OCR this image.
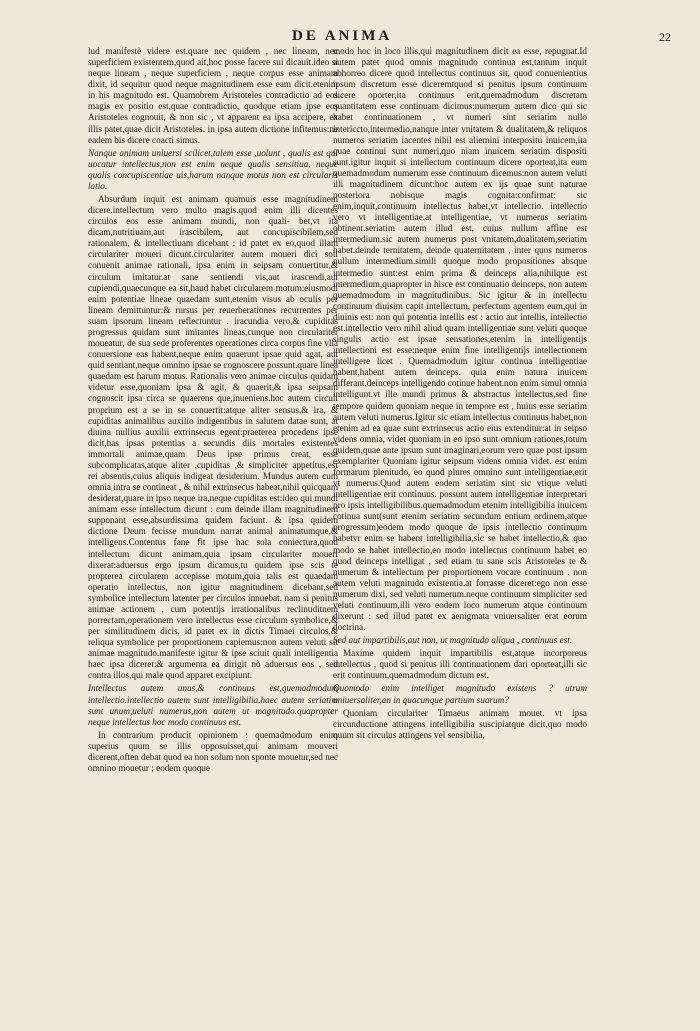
DE ANIMA	22

lud manifestè videre est.quare nec quidem , nec lineam, nec superficiem existentem,quod ait,hoc posse facere sui dicauit.ideo si neque lineam , neque superficiem , neque corpus esse animam dixit, id sequitur quod neque magnitudinem esse eam dicit.etenim in his magnitudo est. Quamobrem Aristoteles contradictio ad eos magis ex positio est,quae contradictio, quodque etiam ipse eos Aristoteles cognouit, & non sic , vt apparent ea ipsa accipere, ex illis patet,quae dicit Aristoteles. in ipsa autem dictione infitemus:ne eadem bis dicere coacti simus.

Nanque animam uniuersi scilicet,talem esse ,uolunt , qualis est qui uocatur intellectus,non est enim neque qualis sensitiua, neque qualis concupiscentiae uis,harum nanque motus non est circularis latio.

Absurdum inquit est animam quamuis esse magnitudinem dicere.intellectum vero multo magis.quod enim illi dicentes circulos eos esse animam mundi, non quali- bet,vt ita dicam,nutritiuam,aut irascibilem, aut concupiscibilem,sed rationalem, & intellectiuam dicebant : id patet ex eo,quod illam circulariter moueri dicunt.circulariter autem moueri dici soli conuenit animae rationali, ipsa enim in seipsam conuertitur,& circulum imitatur.at sane sentiendi vis,aut irascendi,aut cupiendi,quaecunque ea sit,haud habet circularem motum:eiusmodi enim potentiae lineae quaedam sunt,etenim visus ab oculis per lineam demittuntur:& rursus per reuerberationes recurrentes per suam ipsorum lineam reflectuntur . iracundia vero,& cupiditas progressus quidam sunt imitantes lineas,cunque non circulariter moueatur, de sua sede proferentes operationes circa corpus fine vlla conuersione eas habent,neque enim quaerunt ipsae quid agat, aut quid sentiant,neque omnino ipsae se cognoscere possunt.quare linea quaedam est harum motus. Rationalis vero animae circulus quidam videtur esse,quoniam ipsa & agit, & quaerit,& ipsa seipsam cognoscit ipsa circa se quaerens que,inueniens.hoc autem circuli proprium est a se in se conuertit:atque aliter sensus,& ira, & cupiditas animalibus auxilio indigentibus in salutem datae sunt, at diuina nullius auxilii extrinsecus egent:praeterea procedens ipse dicit,has ipsas potentias a secundis diis mortales existentes immortali animae,quam Deus ipse primus creat, esse subcomplicatas,atque aliter ,cupiditas ,& simpliciter appetitus,est rei absentis,cuius aliquis indigeat desiderium. Mundus autem cum omnia intra se contineat , & nihil extrinsecus habeat,nihil quicquam desiderat,quare in ipso neque ira,neque cupiditas est:ideo qui mundi animam esse intellectum dicunt : cum deinde illam magnitudinem supponant esse,absurdissima quidem faciunt. & ipsa quidem dictione Deum fecisse mundum narrat animal animatumque,& intelligens.Contentus fane fit ipse hac sola coniectura,quod intellectum dicunt animam,quia ipsam circulariter moueri dixerat:aduersus ergo ipsum dicamus,tu quidem ipse scis te propterea circularem accepisse motum,quia talis est quaedam operatio intellectus, non igitur magnitudinem dicebant,sed symbolice intellectum latenter per circulos innuebat. nam si penitus animae actionem , cum potentijs irrationalibus reclinuditnem porrectam,operationem vero intellectus esse circulum symbolice,& per similitudinem dicis, id patet ex in dictis Timaei circulos,& reliqua symbolice per proportionem capiemus:non autem veluti sit animae magnitudo.manifeste igitur & ipse sciuit quali intelligentia haec ipsa diceret:& argumenta ea dirigit nò aduersus eos , sed contra illos,qui male quod apparet excipiunt.

Intellectus autem unus,& continuus est,quemadmodum intellectio.intellectio autem sunt intelligibilia.haec autem seriatim sunt unum,ueluti numerus,non autem ut magnitudo.quapropter neque intellectus hoc modo continuus est.

In contrarium producit opinionem : quemadmodum enim superius quum se illis opposuisset,qui animam mouveri dicerent,often debat quod ea non solum non sponte mouetur,sed nec omnino mouetur ; eodem quoque

modo hoc in loco illis,qui magnitudinem dicit ea esse, repugnat.Id autem patet quod omnis magnitudo continua est,tantum inquit abhorreo dicere quod intellectus continuus sit, quod conuenientius ipsum discretum esse diceremtquod si penitus ipsum continuum dicere oporter,ita continuus erit,quemadmodum discretam quantitatem esse continuam dicimus:numerum autem dico qui sic habet continuationem , vt numeri sint seriatim nullo intericcto,intermedio,nanque inter vnitatem & dualitatem,& reliquos numeros seriatim iacentes nihil est aliemini interpositu inuicem,ita quae continui sunt numeri,quo niam inuicem seriatim dispositi sunt.igitur inquit si intellectum continuum dicere oporteat,ita eum quemadmodum numerum esse continuum dicemus:non autem veluti illi magnitudinem dicunt:hoc autem ex ijs quae sunt naturae posteriora nobisque magis cognita:confirmat: sic enim,inquit,continuum intellectus habet,vt intellectio. intellectio vero vt intelligentiae.at intelligentiae, vt numerus seriatim obtinent.seriatim autem illud est, cuius nullum affine est intermedium.sic autem numerus post vnitatem,dualitatem,seriatim habet.deinde ternitatem, deinde quaternitatem , inter quos numeros nullum intermedium.simili quoque modo propositiones absque intermedio sunt:est enim prima & deinceps alia,nihilque est intermedium,quapropter in hisce est continuatio deinceps, non autem quemadmodum in magnitudinibus. Sic igitur & in intellectu continuum diuisim capit intellectum, perfectum agentem eum,qui in diuinis est: non qui potentia intellis est : actio aut intellis, intellectio est.intellectio vero nihil aliud quam intelligentiae sunt veluti quoque singulis actio est ipsae sensationes,etenim in intelligentijs intellectioni est esse:neque enim fine intelligentijs intellectionem intelligere licet . Quemadmodum igitur continua intelligentiae habent,habent autem deinceps. quia enim natura inuicem differant,deinceps intelligendo cotinue habent.non enim simul omnia intelligunt.vt ille mundi primus & abstractus intellectus,sed fine tempore quidem quoniam neque in tempore est , huius esse seriatim autem veluti numerus.Igitur sic etiam intellectus continuus habet,non etenim ad ea quae sunt extrinsecus actio eius extenditur:at in seipso videns omnia, videt quoniam in eo ipso sunt omnium rationes,totum quidem,quae ante ipsum sunt imaginari,eorum vero quae post ipsum exemplariter Quoniam igitur seipsum videns omnia videt. est enim formarum plenitudo, eo quod plures omnino sunt intelligentiae,erit vt numerus.Quod autem eodem seriatim sint sic vtique veluti intelligentiae erit continuus. possunt autem intelligentiae interpretari pro ipsis intelligibilibus.quemadmodum etenim intelligibilia inuicem cotinua sunt(sunt etenim seriatim secundum entium ordinem,atque progressum)eodem modo quoque de ipsis intellectio continuum habetvr enim se habent intelligibilia,sic se habet intellectio,& quo modo se habet intellectio,eo modo intellectus continuum habet eo quod deinceps intelligat , sed etiam tu sane scis Aristoteles te & numerum & intellectum per proportionem vocare continuum . non autem veluti magnitudo existentia.at forrasse diceret:ego non esse numerum dixi, sed veluti numerum.neque continuum simpliciter sed veluti continuum,illi vero eodem loco numerum atque continuum dixerunt : sed illud patet ex aenigmata vniuersaliter erat eorum doctrina.

Sed aut impartibilis,aut non, ut magnitudo aliqua , continuus est.

Maxime quidem inquit impartibilis est,atque incorporeus intellectus , quod si penitus illi continuationem dari oporteat,illi sic erit continuum,quemadmodum dictum est.

Quomodo enim intelliget magnitudo existens ? utrum uniuersaliter,an in quacunque partium suarum?

Quoniam circulariter Timaeus animam mouet. vt ipsa circunductione attingens intelligibilia suscipiatque dicit,quo modo quum sit circulus attingens vel sensibilia,
